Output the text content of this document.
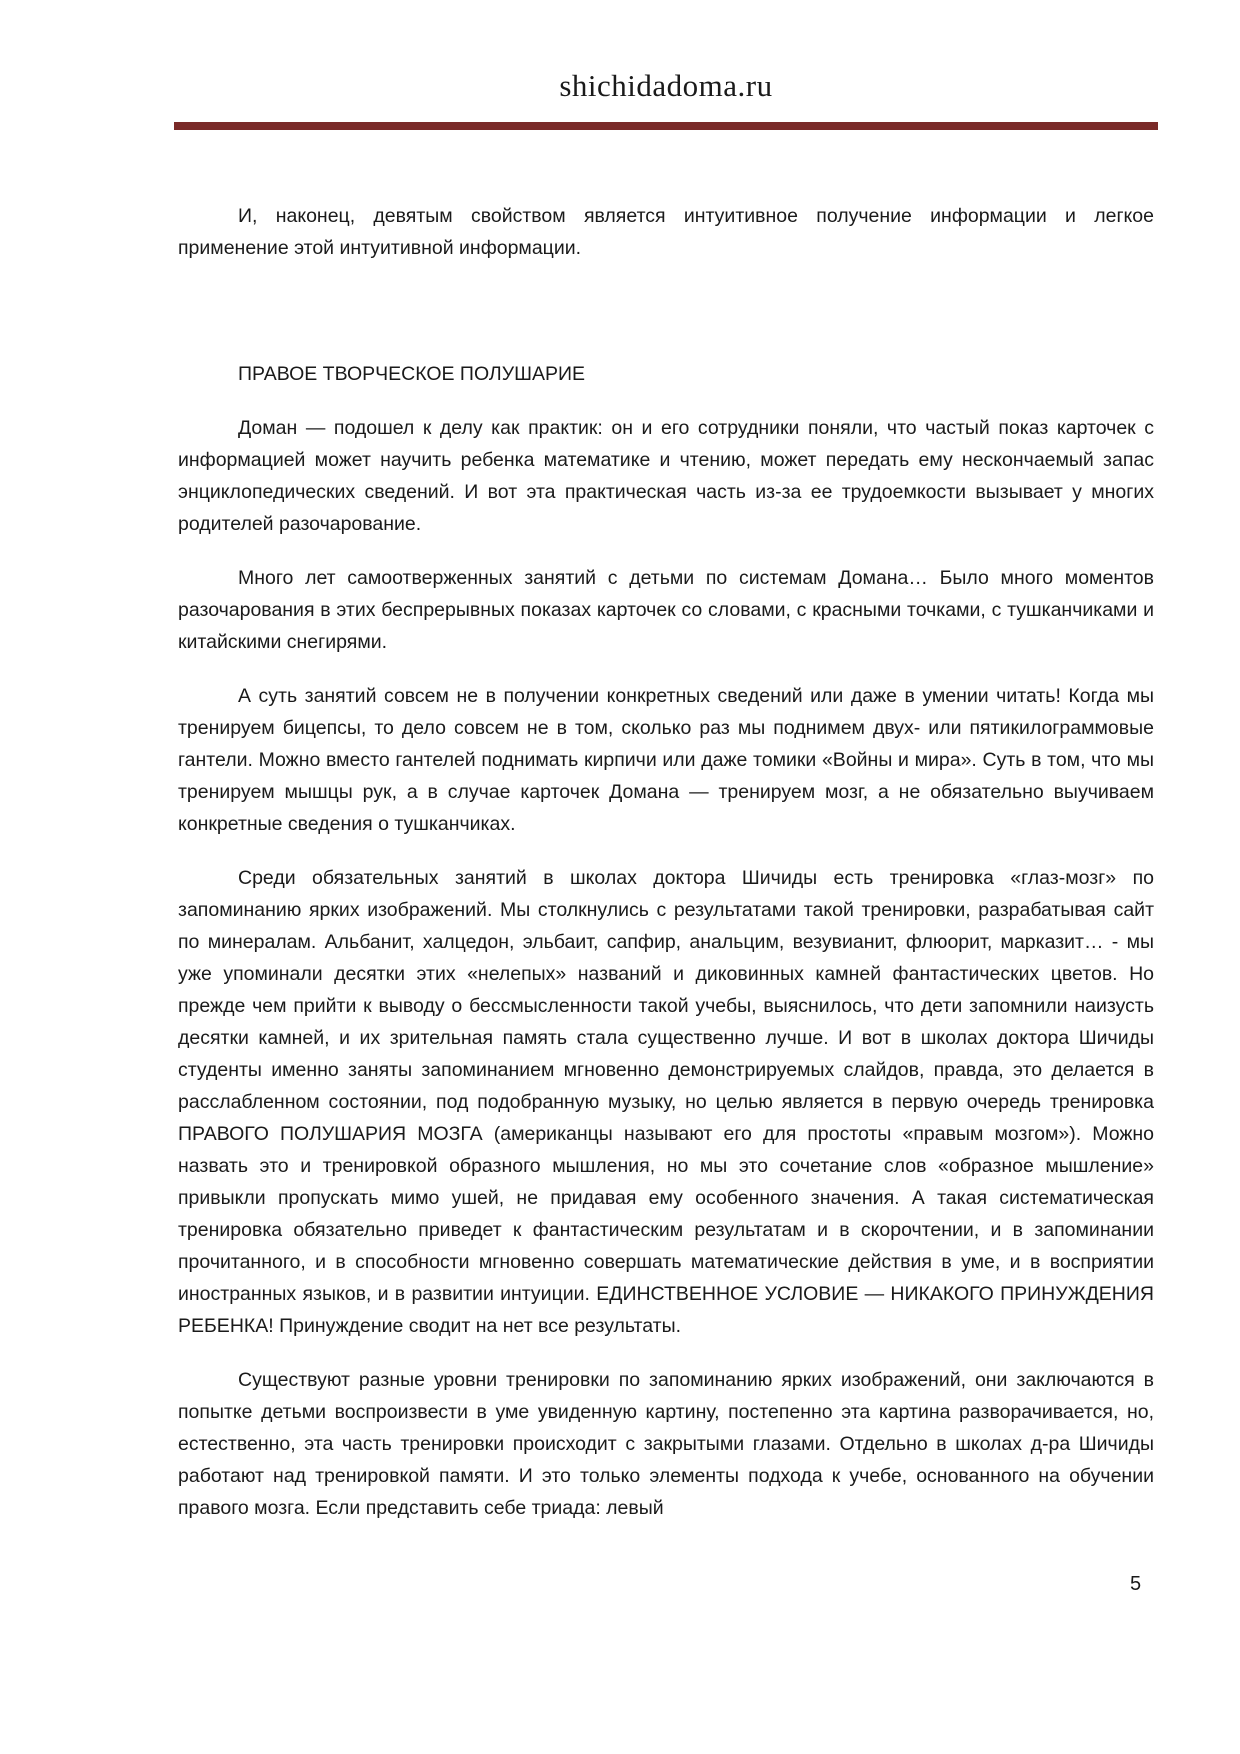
shichidadoma.ru

И, наконец, девятым свойством является интуитивное получение информации и легкое применение этой интуитивной информации.

ПРАВОЕ ТВОРЧЕСКОЕ ПОЛУШАРИЕ

Доман — подошел к делу как практик: он и его сотрудники поняли, что частый показ карточек с информацией может научить ребенка математике и чтению, может передать ему нескончаемый запас энциклопедических сведений. И вот эта практическая часть из-за ее трудоемкости вызывает у многих родителей разочарование.

Много лет самоотверженных занятий с детьми по системам Домана… Было много моментов разочарования в этих беспрерывных показах карточек со словами, с красными точками, с тушканчиками и китайскими снегирями.

А суть занятий совсем не в получении конкретных сведений или даже в умении читать! Когда мы тренируем бицепсы, то дело совсем не в том, сколько раз мы поднимем двух- или пятикилограммовые гантели. Можно вместо гантелей поднимать кирпичи или даже томики «Войны и мира». Суть в том, что мы тренируем мышцы рук, а в случае карточек Домана — тренируем мозг, а не обязательно выучиваем конкретные сведения о тушканчиках.

Среди обязательных занятий в школах доктора Шичиды есть тренировка «глаз-мозг» по запоминанию ярких изображений. Мы столкнулись с результатами такой тренировки, разрабатывая сайт по минералам. Альбанит, халцедон, эльбаит, сапфир, анальцим, везувианит, флюорит, марказит… - мы уже упоминали десятки этих «нелепых» названий и диковинных камней фантастических цветов. Но прежде чем прийти к выводу о бессмысленности такой учебы, выяснилось, что дети запомнили наизусть десятки камней, и их зрительная память стала существенно лучше. И вот в школах доктора Шичиды студенты именно заняты запоминанием мгновенно демонстрируемых слайдов, правда, это делается в расслабленном состоянии, под подобранную музыку, но целью является в первую очередь тренировка ПРАВОГО ПОЛУШАРИЯ МОЗГА (американцы называют его для простоты «правым мозгом»). Можно назвать это и тренировкой образного мышления, но мы это сочетание слов «образное мышление» привыкли пропускать мимо ушей, не придавая ему особенного значения. А такая систематическая тренировка обязательно приведет к фантастическим результатам и в скорочтении, и в запоминании прочитанного, и в способности мгновенно совершать математические действия в уме, и в восприятии иностранных языков, и в развитии интуиции. ЕДИНСТВЕННОЕ УСЛОВИЕ — НИКАКОГО ПРИНУЖДЕНИЯ РЕБЕНКА! Принуждение сводит на нет все результаты.

Существуют разные уровни тренировки по запоминанию ярких изображений, они заключаются в попытке детьми воспроизвести в уме увиденную картину, постепенно эта картина разворачивается, но, естественно, эта часть тренировки происходит с закрытыми глазами. Отдельно в школах д-ра Шичиды работают над тренировкой памяти. И это только элементы подхода к учебе, основанного на обучении правого мозга. Если представить себе триада: левый

5
